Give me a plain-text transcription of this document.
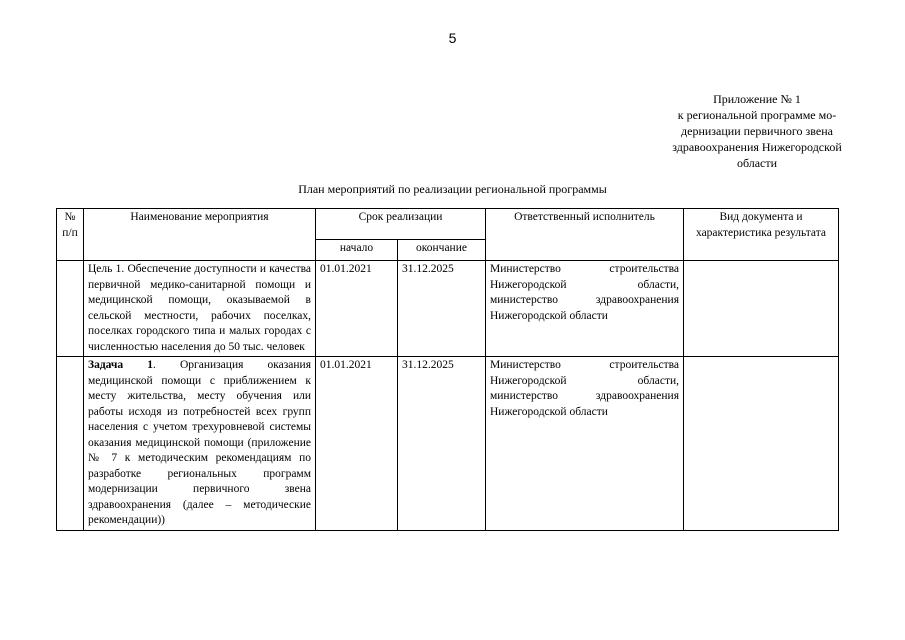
5
Приложение № 1
к региональной программе мо-
дернизации первичного звена
здравоохранения Нижегородской
области
План мероприятий по реализации региональной программы
№ п/п	Наименование мероприятия	Срок реализации		Ответственный исполнитель	Вид документа и характеристика результата
		начало	окончание		
	Цель 1. Обеспечение доступности и качества первичной медико-санитарной помощи и медицинской помощи, оказываемой в сельской местности, рабочих поселках, поселках городского типа и малых городах с численностью населения до 50 тыс. человек	01.01.2021	31.12.2025	Министерство строительства Нижегородской области, министерство здравоохранения Нижегородской области	
	Задача 1. Организация оказания медицинской помощи с приближением к месту жительства, месту обучения или работы исходя из потребностей всех групп населения с учетом трехуровневой системы оказания медицинской помощи (приложение № 7 к методическим рекомендациям по разработке региональных программ модернизации первичного звена здравоохранения (далее – методические рекомендации))	01.01.2021	31.12.2025	Министерство строительства Нижегородской области, министерство здравоохранения Нижегородской области	
